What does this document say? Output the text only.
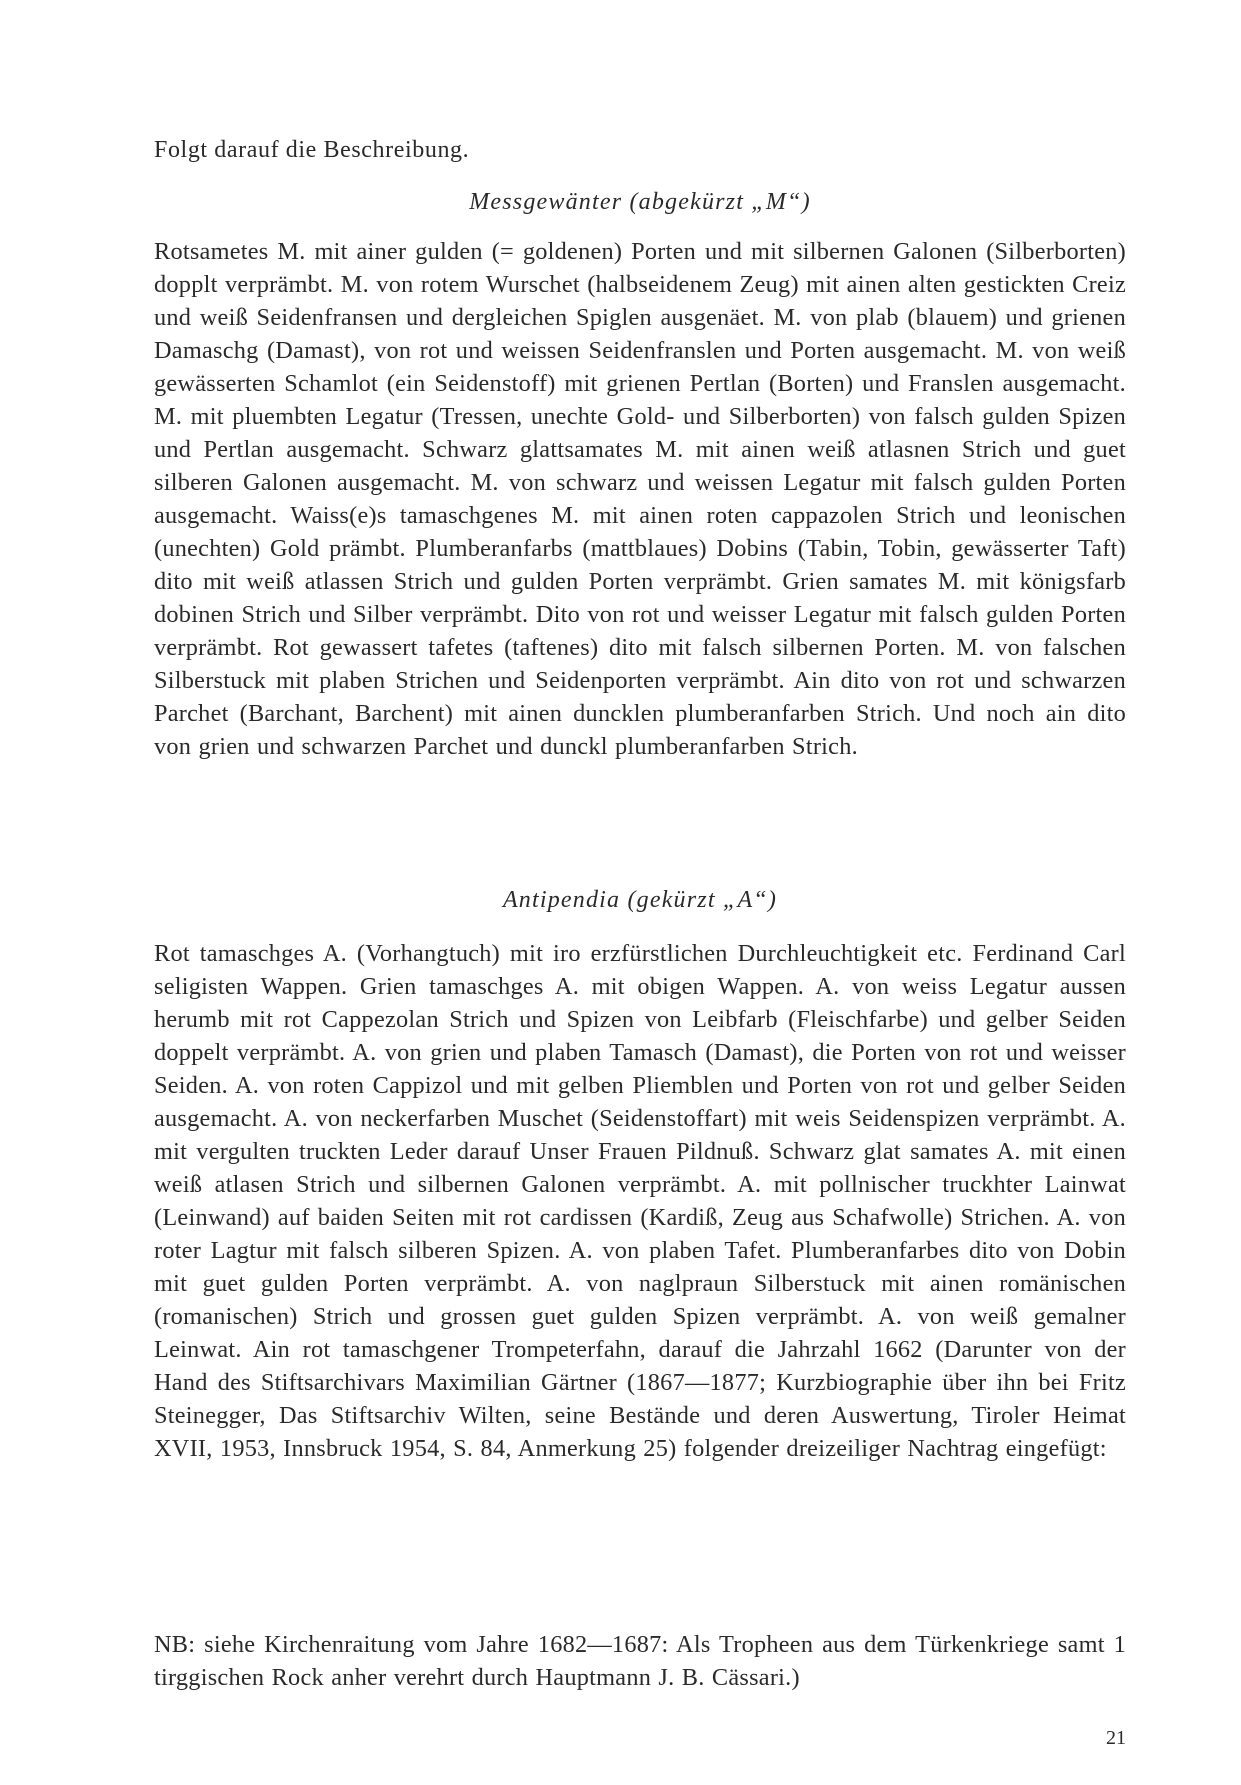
Folgt darauf die Beschreibung.
Messgewänter (abgekürzt „M“)

Rotsametes M. mit ainer gulden (= goldenen) Porten und mit silbernen Galonen (Silberborten) dopplt verprämbt. M. von rotem Wurschet (halbseidenem Zeug) mit ainen alten gestickten Creiz und weiß Seidenfransen und dergleichen Spiglen ausgenäet. M. von plab (blauem) und grienen Damaschg (Damast), von rot und weissen Seidenfranslen und Porten ausgemacht. M. von weiß gewässerten Schamlot (ein Seidenstoff) mit grienen Pertlan (Borten) und Franslen ausgemacht. M. mit pluembten Legatur (Tressen, unechte Gold- und Silberborten) von falsch gulden Spizen und Pertlan ausgemacht. Schwarz glattsamates M. mit ainen weiß atlasnen Strich und guet silberen Galonen ausgemacht. M. von schwarz und weissen Legatur mit falsch gulden Porten ausgemacht. Waiss(e)s tamaschgenes M. mit ainen roten cappazolen Strich und leonischen (unechten) Gold prämbt. Plumberanfarbs (mattblaues) Dobins (Tabin, Tobin, gewässerter Taft) dito mit weiß atlassen Strich und gulden Porten verprämbt. Grien samates M. mit königsfarb dobinen Strich und Silber verprämbt. Dito von rot und weisser Legatur mit falsch gulden Porten verprämbt. Rot gewassert tafetes (taftenes) dito mit falsch silbernen Porten. M. von falschen Silberstuck mit plaben Strichen und Seidenporten verprämbt. Ain dito von rot und schwarzen Parchet (Barchant, Barchent) mit ainen duncklen plumberanfarben Strich. Und noch ain dito von grien und schwarzen Parchet und dunckl plumberanfarben Strich.

Antipendia (gekürzt „A“)

Rot tamaschges A. (Vorhangtuch) mit iro erzfürstlichen Durchleuchtigkeit etc. Ferdinand Carl seligisten Wappen. Grien tamaschges A. mit obigen Wappen. A. von weiss Legatur aussen herumb mit rot Cappezolan Strich und Spizen von Leibfarb (Fleischfarbe) und gelber Seiden doppelt verprämbt. A. von grien und plaben Tamasch (Damast), die Porten von rot und weisser Seiden. A. von roten Cappizol und mit gelben Pliemblen und Porten von rot und gelber Seiden ausgemacht. A. von neckerfarben Muschet (Seidenstoffart) mit weis Seidenspizen verprämbt. A. mit vergulten truckten Leder darauf Unser Frauen Pildnuß. Schwarz glat samates A. mit einen weiß atlasen Strich und silbernen Galonen verprämbt. A. mit pollnischer truckhter Lainwat (Leinwand) auf baiden Seiten mit rot cardissen (Kardiß, Zeug aus Schafwolle) Strichen. A. von roter Lagtur mit falsch silberen Spizen. A. von plaben Tafet. Plumberanfarbes dito von Dobin mit guet gulden Porten verprämbt. A. von naglpraun Silberstuck mit ainen romänischen (romanischen) Strich und grossen guet gulden Spizen verprämbt. A. von weiß gemalner Leinwat. Ain rot tamaschgener Trompeterfahn, darauf die Jahrzahl 1662 (Darunter von der Hand des Stiftsarchivars Maximilian Gärtner (1867—1877; Kurzbiographie über ihn bei Fritz Steinegger, Das Stiftsarchiv Wilten, seine Bestände und deren Auswertung, Tiroler Heimat XVII, 1953, Innsbruck 1954, S. 84, Anmerkung 25) folgender dreizeiliger Nachtrag eingefügt:

NB: siehe Kirchenraitung vom Jahre 1682—1687: Als Tropheen aus dem Türkenkriege samt 1 tirggischen Rock anher verehrt durch Hauptmann J. B. Cässari.)

21
